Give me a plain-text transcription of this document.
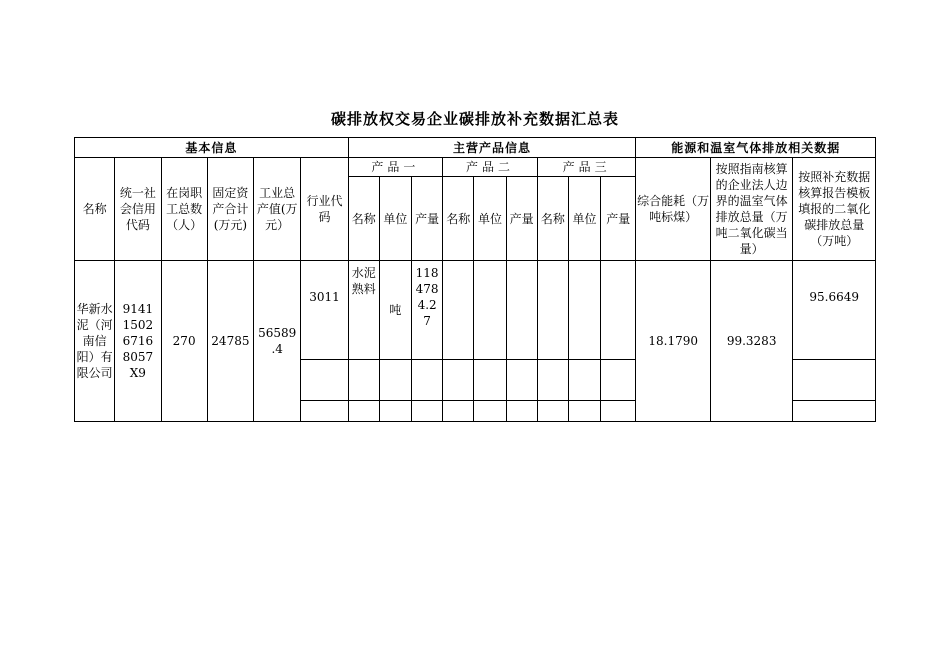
碳排放权交易企业碳排放补充数据汇总表
基本信息						主营产品信息									能源和温室气体排放相关数据		
名称	统一社会信用代码	在岗职工总数（人）	固定资产合计(万元)	工业总产值(万元）	行业代码	产品一			产品二			产品三			综合能耗（万吨标煤）	按照指南核算的企业法人边界的温室气体排放总量（万吨二氧化碳当量）	按照补充数据核算报告模板填报的二氧化碳排放总量（万吨）
						名称	单位	产量	名称	单位	产量	名称	单位	产量			
华新水泥（河南信阳）有限公司	9141
1502
6716
8057
X9	270	24785	56589
.4	3011	水泥熟料	吨	118
478
4.2
7							18.1790	99.3283	95.6649
